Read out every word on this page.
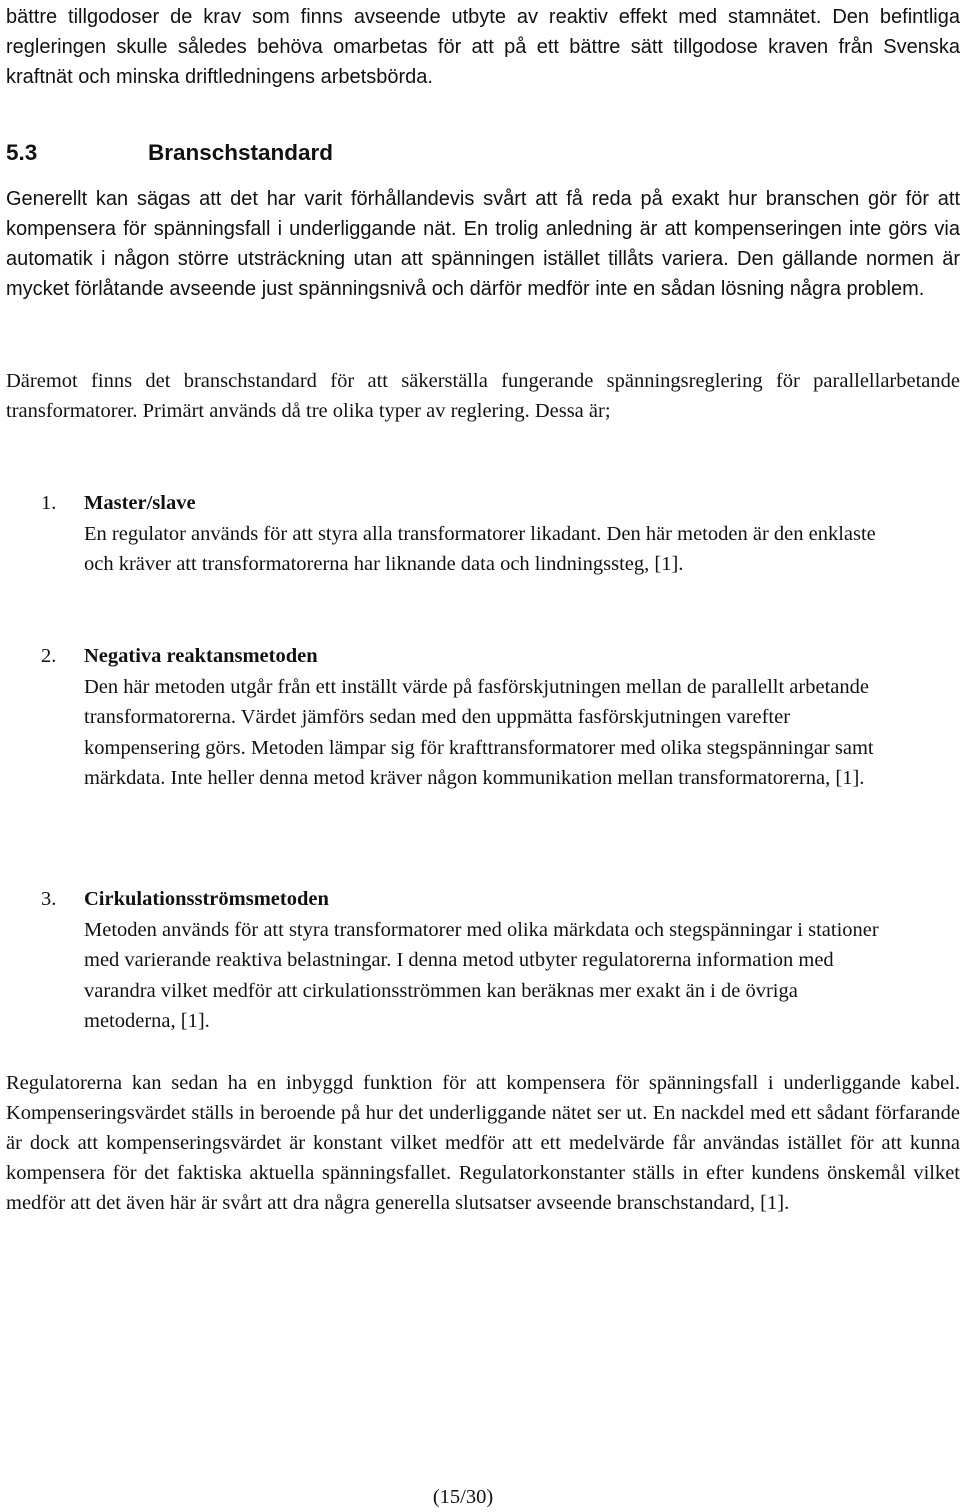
bättre tillgodoser de krav som finns avseende utbyte av reaktiv effekt med stamnätet. Den befintliga regleringen skulle således behöva omarbetas för att på ett bättre sätt tillgodose kraven från Svenska kraftnät och minska driftledningens arbetsbörda.

5.3	Branschstandard

Generellt kan sägas att det har varit förhållandevis svårt att få reda på exakt hur branschen gör för att kompensera för spänningsfall i underliggande nät. En trolig anledning är att kompenseringen inte görs via automatik i någon större utsträckning utan att spänningen istället tillåts variera. Den gällande normen är mycket förlåtande avseende just spänningsnivå och därför medför inte en sådan lösning några problem.

Däremot finns det branschstandard för att säkerställa fungerande spänningsreglering för parallellarbetande transformatorer. Primärt används då tre olika typer av reglering. Dessa är;

1. Master/slave
En regulator används för att styra alla transformatorer likadant. Den här metoden är den enklaste och kräver att transformatorerna har liknande data och lindningssteg, [1].
2. Negativa reaktansmetoden
Den här metoden utgår från ett inställt värde på fasförskjutningen mellan de parallellt arbetande transformatorerna. Värdet jämförs sedan med den uppmätta fasförskjutningen varefter kompensering görs. Metoden lämpar sig för krafttransformatorer med olika stegspänningar samt märkdata. Inte heller denna metod kräver någon kommunikation mellan transformatorerna, [1].
3. Cirkulationsströmsmetoden
Metoden används för att styra transformatorer med olika märkdata och stegspänningar i stationer med varierande reaktiva belastningar. I denna metod utbyter regulatorerna information med varandra vilket medför att cirkulationsströmmen kan beräknas mer exakt än i de övriga metoderna, [1].

Regulatorerna kan sedan ha en inbyggd funktion för att kompensera för spänningsfall i underliggande kabel. Kompenseringsvärdet ställs in beroende på hur det underliggande nätet ser ut. En nackdel med ett sådant förfarande är dock att kompenseringsvärdet är konstant vilket medför att ett medelvärde får användas istället för att kunna kompensera för det faktiska aktuella spänningsfallet. Regulatorkonstanter ställs in efter kundens önskemål vilket medför att det även här är svårt att dra några generella slutsatser avseende branschstandard, [1].

(15/30)
